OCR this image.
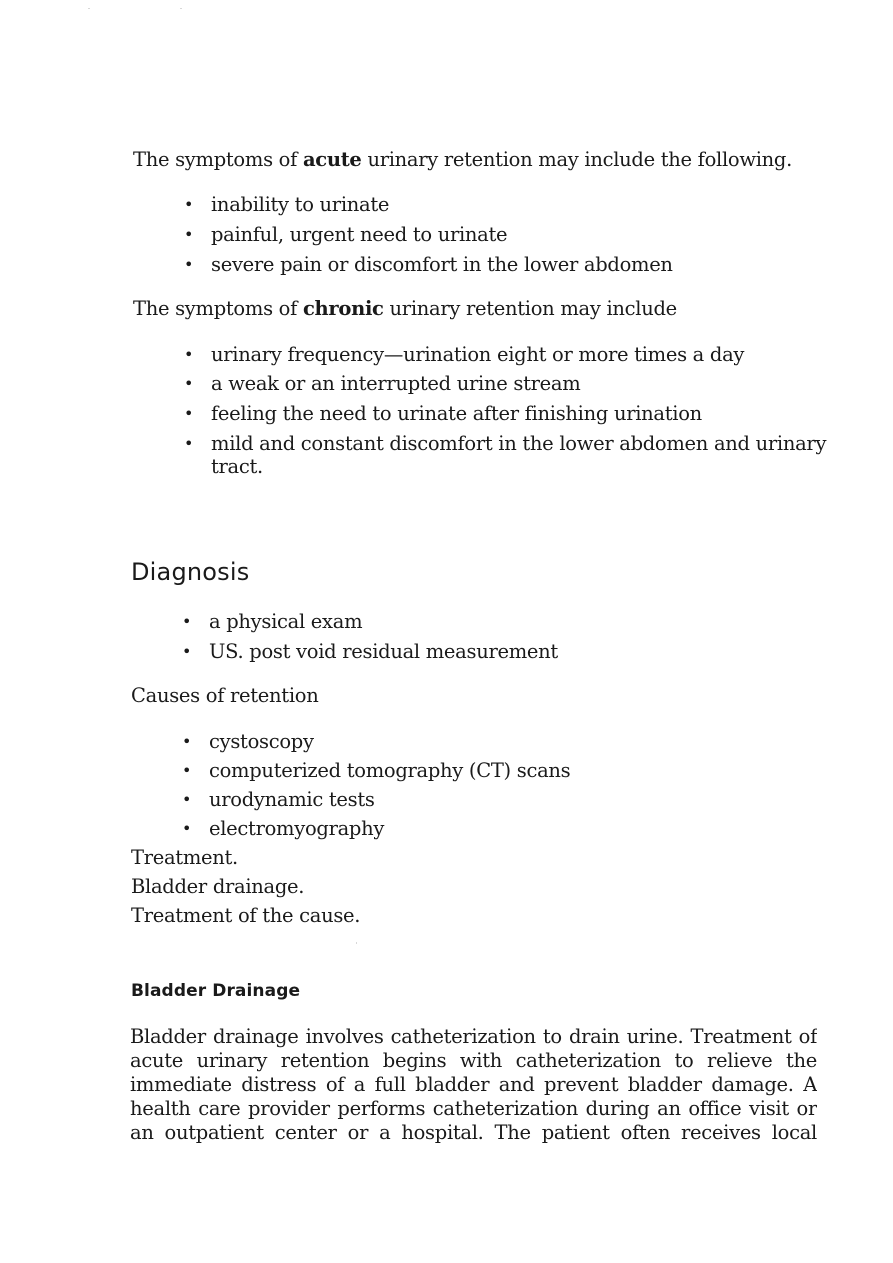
The symptoms of acute urinary retention may include the following.
• inability to urinate
• painful, urgent need to urinate
• severe pain or discomfort in the lower abdomen
The symptoms of chronic urinary retention may include
• urinary frequency—urination eight or more times a day
• a weak or an interrupted urine stream
• feeling the need to urinate after finishing urination
• mild and constant discomfort in the lower abdomen and urinary
tract.
Diagnosis
• a physical exam
• US. post void residual measurement
Causes of retention
• cystoscopy
• computerized tomography (CT) scans
• urodynamic tests
• electromyography
Treatment.
Bladder drainage.
Treatment of the cause.
Bladder Drainage
Bladder drainage involves catheterization to drain urine. Treatment of
acute urinary retention begins with catheterization to relieve the
immediate distress of a full bladder and prevent bladder damage. A
health care provider performs catheterization during an office visit or
an outpatient center or a hospital. The patient often receives local
